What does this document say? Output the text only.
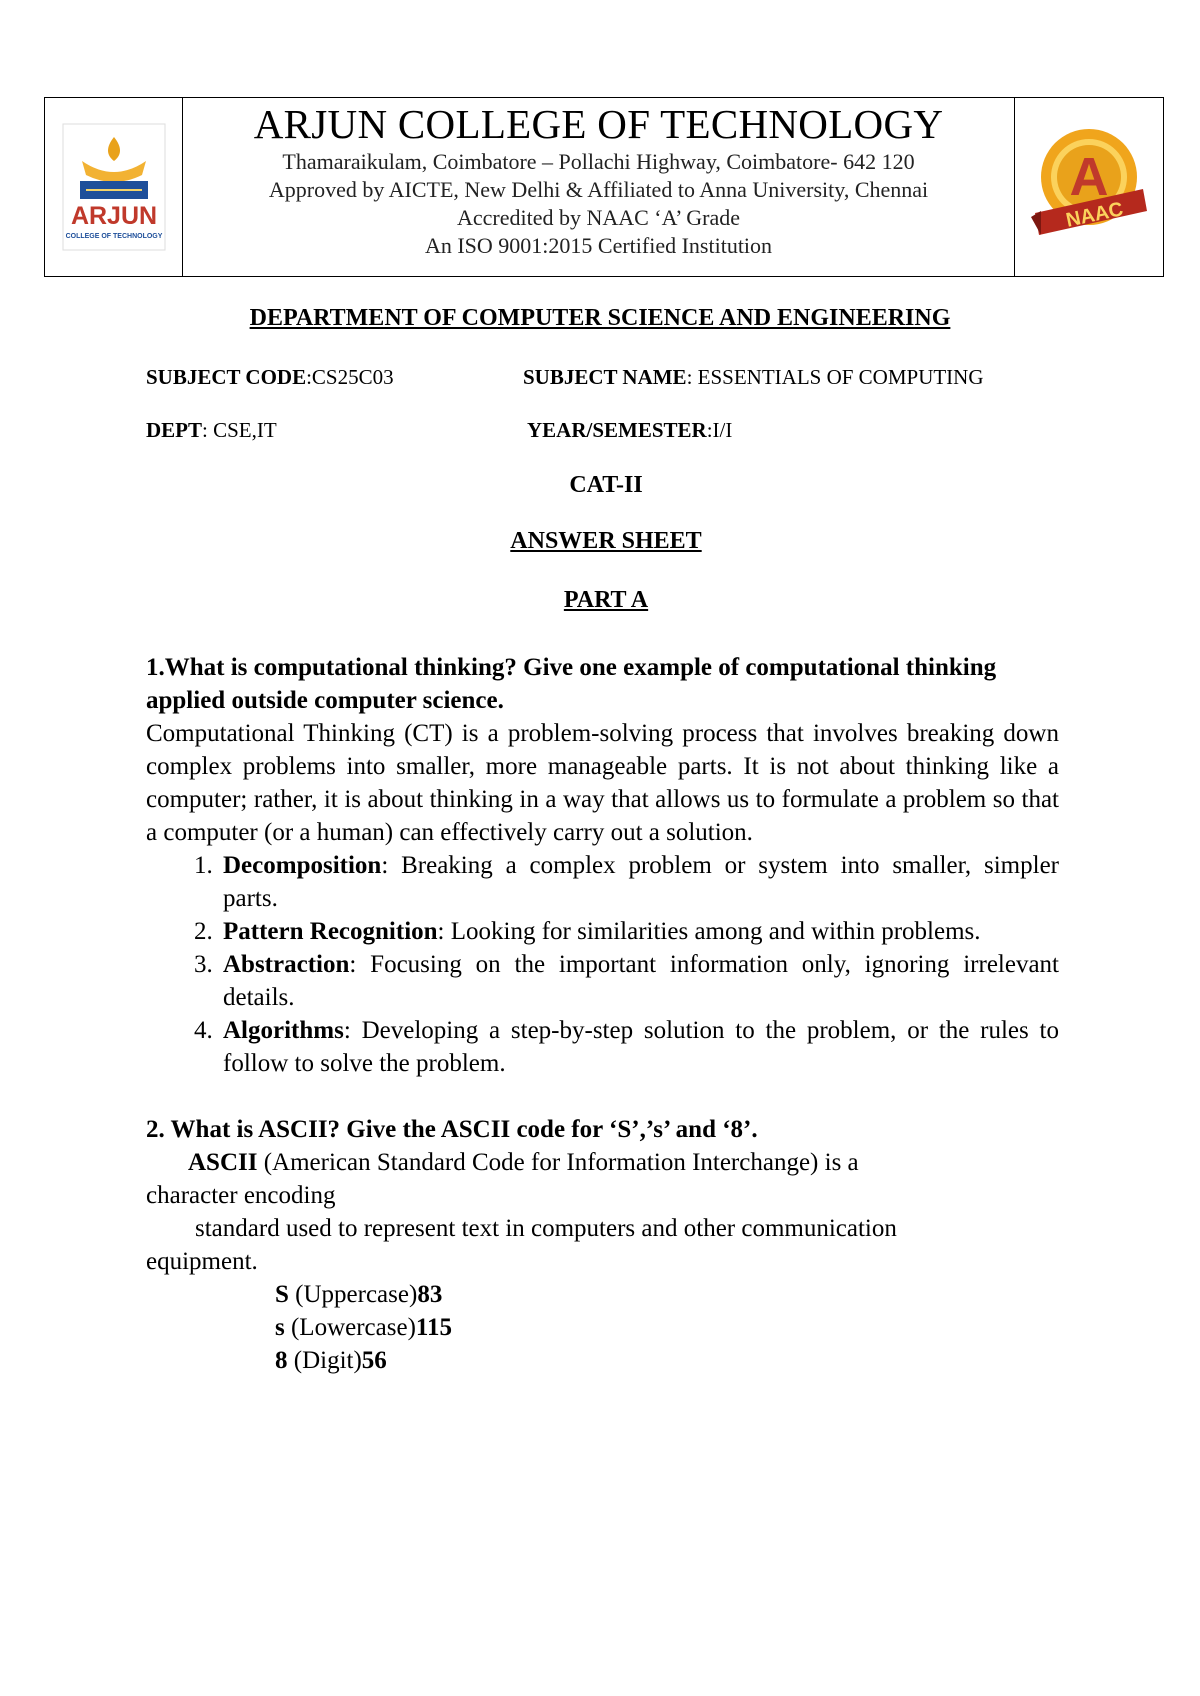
ARJUN
COLLEGE OF TECHNOLOGY
ARJUN COLLEGE OF TECHNOLOGY

Thamaraikulam, Coimbatore – Pollachi Highway, Coimbatore- 642 120

Approved by AICTE, New Delhi & Affiliated to Anna University, Chennai

Accredited by NAAC ‘A’ Grade

An ISO 9001:2015 Certified Institution

A
NAAC
DEPARTMENT OF COMPUTER SCIENCE AND ENGINEERING
SUBJECT CODE:CS25C03	SUBJECT NAME: ESSENTIALS OF COMPUTING
DEPT: CSE,IT	YEAR/SEMESTER:I/I
CAT-II
ANSWER SHEET
PART A

1.What is computational thinking? Give one example of computational thinking applied outside computer science.

Computational Thinking (CT) is a problem-solving process that involves breaking down complex problems into smaller, more manageable parts. It is not about thinking like a computer; rather, it is about thinking in a way that allows us to formulate a problem so that a computer (or a human) can effectively carry out a solution.

1. Decomposition: Breaking a complex problem or system into smaller, simpler parts.
2. Pattern Recognition: Looking for similarities among and within problems.
3. Abstraction: Focusing on the important information only, ignoring irrelevant details.
4. Algorithms: Developing a step-by-step solution to the problem, or the rules to follow to solve the problem.

2. What is ASCII? Give the ASCII code for ‘S’,’s’ and ‘8’.

ASCII (American Standard Code for Information Interchange) is a
character encoding
standard used to represent text in computers and other communication
equipment.
S (Uppercase)83
s (Lowercase)115
8 (Digit)56
